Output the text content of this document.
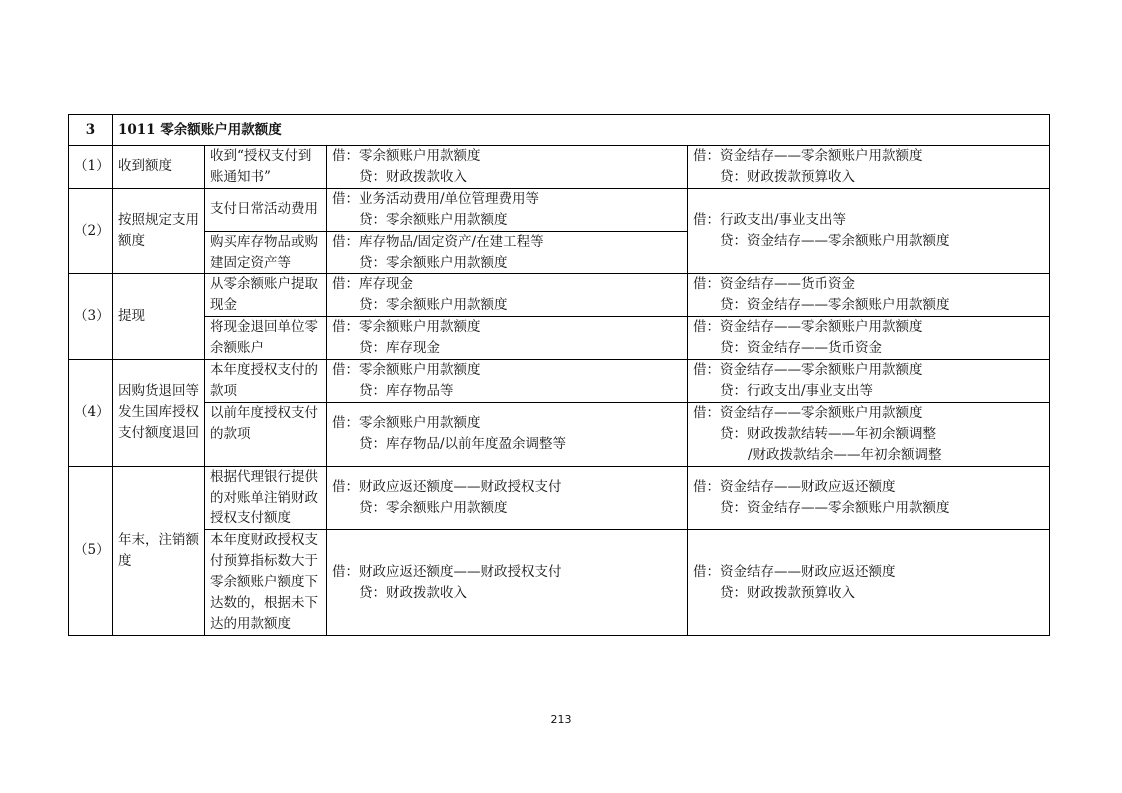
3	1011 零余额账户用款额度			
（1）	收到额度	收到“授权支付到账通知书”	借：零余额账户用款额度
贷：财政拨款收入	借：资金结存——零余额账户用款额度
贷：财政拨款预算收入

（2）	按照规定支用额度	支付日常活动费用	借：业务活动费用/单位管理费用等
贷：零余额账户用款额度	借：行政支出/事业支出等
贷：资金结存——零余额账户用款额度

		购买库存物品或购建固定资产等	借：库存物品/固定资产/在建工程等
贷：零余额账户用款额度	

（3）	提现	从零余额账户提取现金	借：库存现金
贷：零余额账户用款额度	借：资金结存——货币资金
贷：资金结存——零余额账户用款额度

		将现金退回单位零余额账户	借：零余额账户用款额度
贷：库存现金	借：资金结存——零余额账户用款额度
贷：资金结存——货币资金

（4）	因购货退回等发生国库授权支付额度退回	本年度授权支付的款项	借：零余额账户用款额度
贷：库存物品等	借：资金结存——零余额账户用款额度
贷：行政支出/事业支出等

		以前年度授权支付的款项	借：零余额账户用款额度
贷：库存物品/以前年度盈余调整等	借：资金结存——零余额账户用款额度
贷：财政拨款结转——年初余额调整
/财政拨款结余——年初余额调整

（5）	年末，注销额度	根据代理银行提供的对账单注销财政授权支付额度	借：财政应返还额度——财政授权支付
贷：零余额账户用款额度	借：资金结存——财政应返还额度
贷：资金结存——零余额账户用款额度

		本年度财政授权支付预算指标数大于零余额账户额度下达数的，根据未下达的用款额度	借：财政应返还额度——财政授权支付
贷：财政拨款收入	借：资金结存——财政应返还额度
贷：财政拨款预算收入
213
